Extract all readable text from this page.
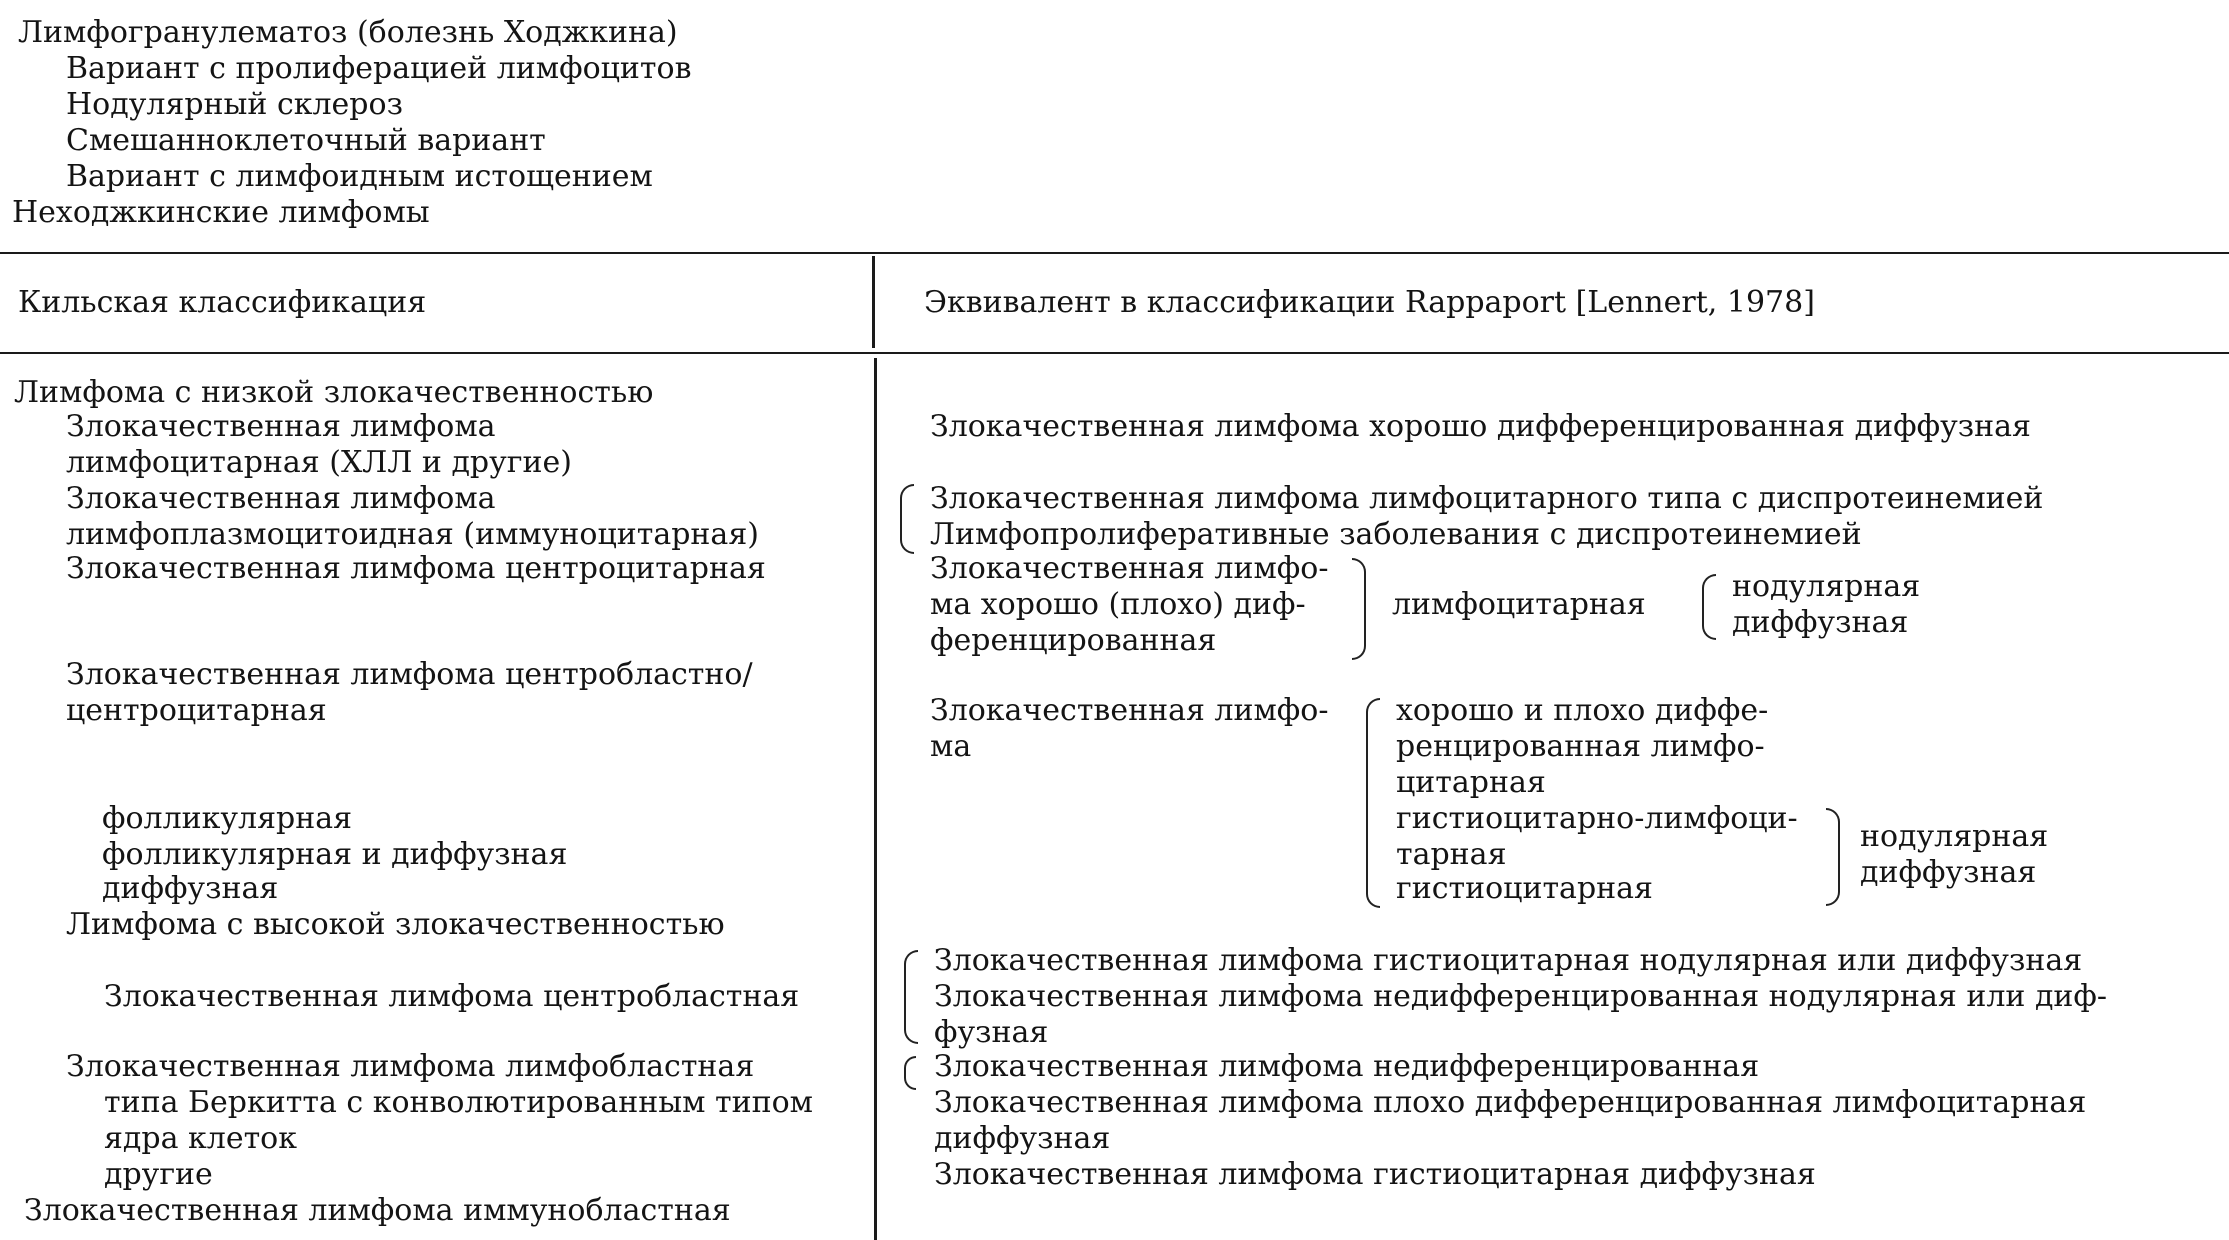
Лимфогранулематоз (болезнь Ходжкина)
Вариант с пролиферацией лимфоцитов
Нодулярный склероз
Смешанноклеточный вариант
Вариант с лимфоидным истощением
Неходжкинские лимфомы
Кильская классификация	Эквивалент в классификации Rappaport [Lennert, 1978]
Лимфома с низкой злокачественностью
Злокачественная лимфома
лимфоцитарная (ХЛЛ и другие)
Злокачественная лимфома
лимфоплазмоцитоидная (иммуноцитарная)
Злокачественная лимфома центроцитарная
Злокачественная лимфома центробластно/
центроцитарная
фолликулярная
фолликулярная и диффузная
диффузная
Лимфома с высокой злокачественностью
Злокачественная лимфома центробластная
Злокачественная лимфома лимфобластная
типа Беркитта с конволютированным типом
ядра клеток
другие
Злокачественная лимфома иммунобластная
Злокачественная лимфома хорошо дифференцированная диффузная
Злокачественная лимфома лимфоцитарного типа с диспротеинемией
Лимфопролиферативные заболевания с диспротеинемией
Злокачественная лимфо-
ма хорошо (плохо) диф-
ференцированная
лимфоцитарная
нодулярная
диффузная
Злокачественная лимфо-
ма
хорошо и плохо диффе-
ренцированная лимфо-
цитарная
гистиоцитарно-лимфоци-
тарная
гистиоцитарная
нодулярная
диффузная
Злокачественная лимфома гистиоцитарная нодулярная или диффузная
Злокачественная лимфома недифференцированная нодулярная или диф-
фузная
Злокачественная лимфома недифференцированная
Злокачественная лимфома плохо дифференцированная лимфоцитарная
диффузная
Злокачественная лимфома гистиоцитарная диффузная
